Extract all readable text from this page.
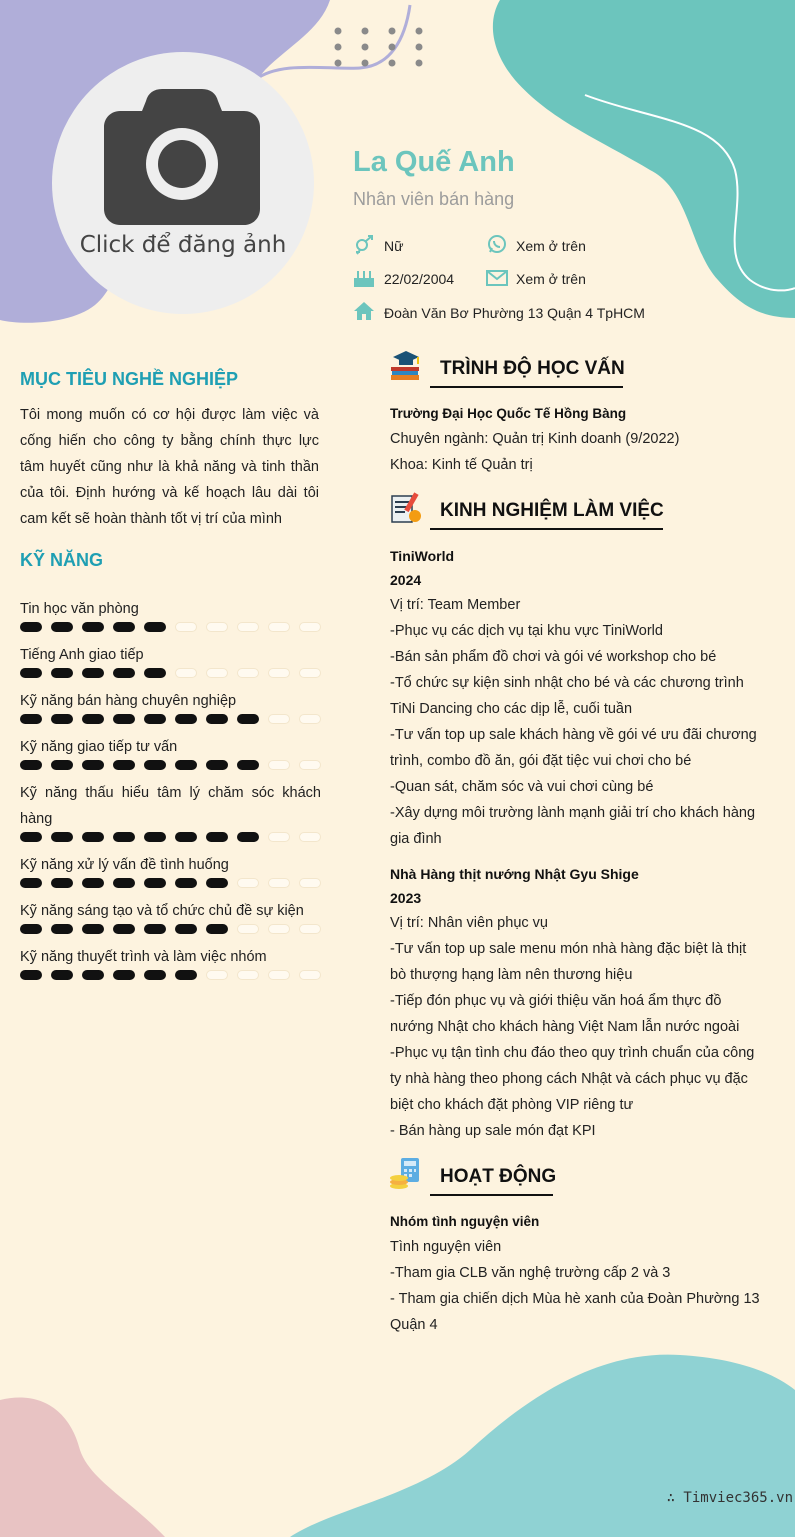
Click để đăng ảnh
La Quế Anh
Nhân viên bán hàng
Nữ	Xem ở trên
22/02/2004	Xem ở trên
Đoàn Văn Bơ Phường 13 Quận 4 TpHCM
MỤC TIÊU NGHỀ NGHIỆP
Tôi mong muốn có cơ hội được làm việc và cống hiến cho công ty bằng chính thực lực tâm huyết cũng như là khả năng và tinh thần của tôi. Định hướng và kế hoạch lâu dài tôi cam kết sẽ hoàn thành tốt vị trí của mình
KỸ NĂNG
Tin học văn phòng
Tiếng Anh giao tiếp
Kỹ năng bán hàng chuyên nghiệp
Kỹ năng giao tiếp tư vấn
Kỹ năng thấu hiểu tâm lý chăm sóc khách hàng
Kỹ năng xử lý vấn đề tình huống
Kỹ năng sáng tạo và tổ chức chủ đề sự kiện
Kỹ năng thuyết trình và làm việc nhóm
TRÌNH ĐỘ HỌC VẤN
Trường Đại Học Quốc Tế Hồng Bàng
Chuyên ngành: Quản trị Kinh doanh (9/2022)
Khoa: Kinh tế Quản trị
KINH NGHIỆM LÀM VIỆC
TiniWorld
2024
Vị trí: Team Member
-Phục vụ các dịch vụ tại khu vực TiniWorld
-Bán sản phẩm đồ chơi và gói vé workshop cho bé
-Tổ chức sự kiện sinh nhật cho bé và các chương trình
TiNi Dancing cho các dịp lễ, cuối tuần
-Tư vấn top up sale khách hàng về gói vé ưu đãi chương
trình, combo đồ ăn, gói đặt tiệc vui chơi cho bé
-Quan sát, chăm sóc và vui chơi cùng bé
-Xây dựng môi trường lành mạnh giải trí cho khách hàng
gia đình
Nhà Hàng thịt nướng Nhật Gyu Shige
2023
Vị trí: Nhân viên phục vụ
-Tư vấn top up sale menu món nhà hàng đặc biệt là thịt
bò thượng hạng làm nên thương hiệu
-Tiếp đón phục vụ và giới thiệu văn hoá ẩm thực đồ
nướng Nhật cho khách hàng Việt Nam lẫn nước ngoài
-Phục vụ tận tình chu đáo theo quy trình chuẩn của công
ty nhà hàng theo phong cách Nhật và cách phục vụ đặc
biệt cho khách đặt phòng VIP riêng tư
- Bán hàng up sale món đạt KPI
HOẠT ĐỘNG
Nhóm tình nguyện viên
Tình nguyện viên
-Tham gia CLB văn nghệ trường cấp 2 và 3
- Tham gia chiến dịch Mùa hè xanh của Đoàn Phường 13
Quận 4
∴ Timviec365.vn
